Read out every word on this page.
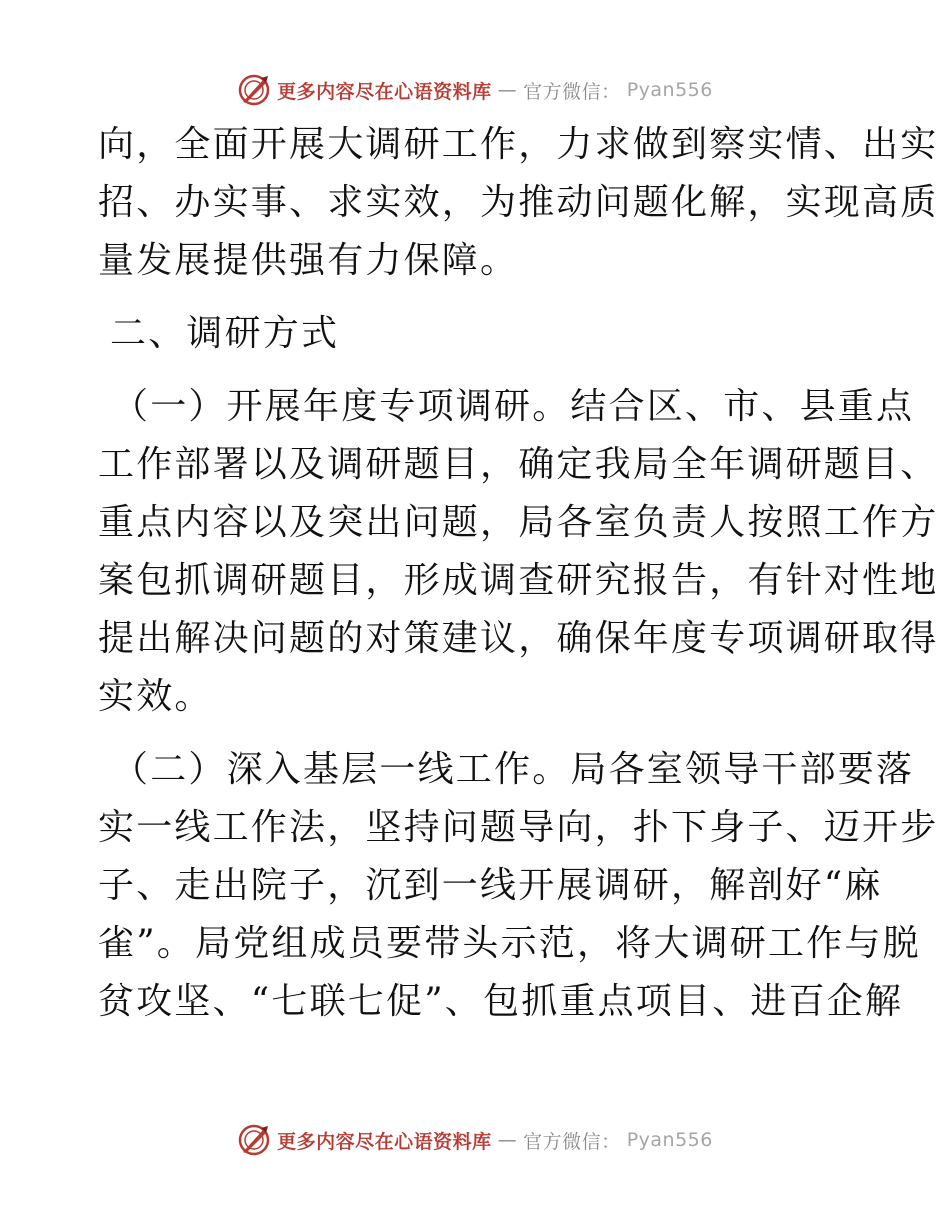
更多内容尽在心语资料库 — 官方微信： Pyan556
向，全面开展大调研工作，力求做到察实情、出实
招、办实事、求实效，为推动问题化解，实现高质
量发展提供强有力保障。
二、调研方式
（一）开展年度专项调研。结合区、市、县重点
工作部署以及调研题目，确定我局全年调研题目、
重点内容以及突出问题，局各室负责人按照工作方
案包抓调研题目，形成调查研究报告，有针对性地
提出解决问题的对策建议，确保年度专项调研取得
实效。
（二）深入基层一线工作。局各室领导干部要落
实一线工作法，坚持问题导向，扑下身子、迈开步
子、走出院子，沉到一线开展调研，解剖好“麻
雀”。局党组成员要带头示范，将大调研工作与脱
贫攻坚、“七联七促”、包抓重点项目、进百企解
更多内容尽在心语资料库 — 官方微信： Pyan556
